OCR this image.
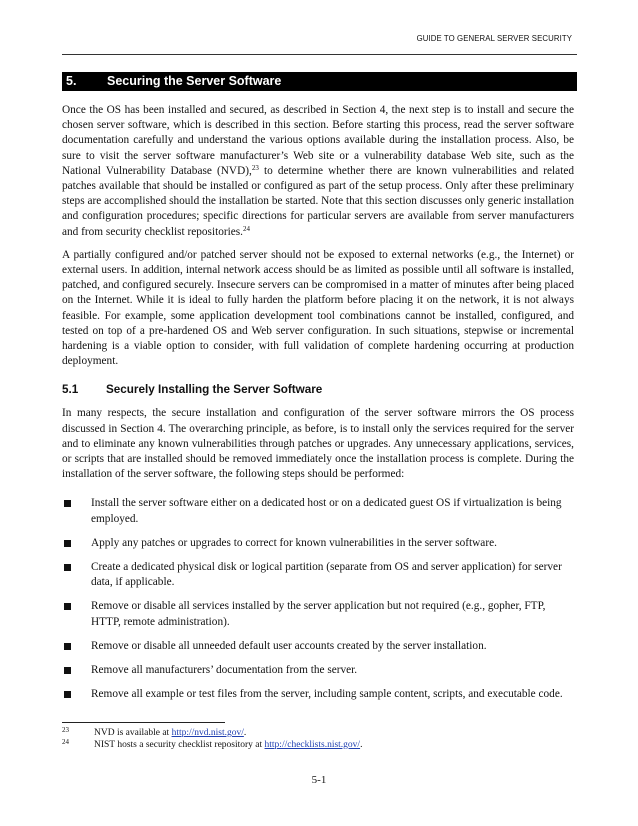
GUIDE TO GENERAL SERVER SECURITY
5. Securing the Server Software

Once the OS has been installed and secured, as described in Section 4, the next step is to install and secure the chosen server software, which is described in this section. Before starting this process, read the server software documentation carefully and understand the various options available during the installation process. Also, be sure to visit the server software manufacturer’s Web site or a vulnerability database Web site, such as the National Vulnerability Database (NVD),$^{23}$ to determine whether there are known vulnerabilities and related patches available that should be installed or configured as part of the setup process. Only after these preliminary steps are accomplished should the installation be started. Note that this section discusses only generic installation and configuration procedures; specific directions for particular servers are available from server manufacturers and from security checklist repositories.$^{24}$

A partially configured and/or patched server should not be exposed to external networks (e.g., the Internet) or external users. In addition, internal network access should be as limited as possible until all software is installed, patched, and configured securely. Insecure servers can be compromised in a matter of minutes after being placed on the Internet. While it is ideal to fully harden the platform before placing it on the network, it is not always feasible. For example, some application development tool combinations cannot be installed, configured, and tested on top of a pre-hardened OS and Web server configuration. In such situations, stepwise or incremental hardening is a viable option to consider, with full validation of complete hardening occurring at production deployment.

5.1 Securely Installing the Server Software

In many respects, the secure installation and configuration of the server software mirrors the OS process discussed in Section 4. The overarching principle, as before, is to install only the services required for the server and to eliminate any known vulnerabilities through patches or upgrades. Any unnecessary applications, services, or scripts that are installed should be removed immediately once the installation process is complete. During the installation of the server software, the following steps should be performed:

Install the server software either on a dedicated host or on a dedicated guest OS if virtualization is being employed.
Apply any patches or upgrades to correct for known vulnerabilities in the server software.
Create a dedicated physical disk or logical partition (separate from OS and server application) for server data, if applicable.
Remove or disable all services installed by the server application but not required (e.g., gopher, FTP, HTTP, remote administration).
Remove or disable all unneeded default user accounts created by the server installation.
Remove all manufacturers’ documentation from the server.
Remove all example or test files from the server, including sample content, scripts, and executable code.
23	NVD is available at http://nvd.nist.gov/.
24	NIST hosts a security checklist repository at http://checklists.nist.gov/.
5-1
